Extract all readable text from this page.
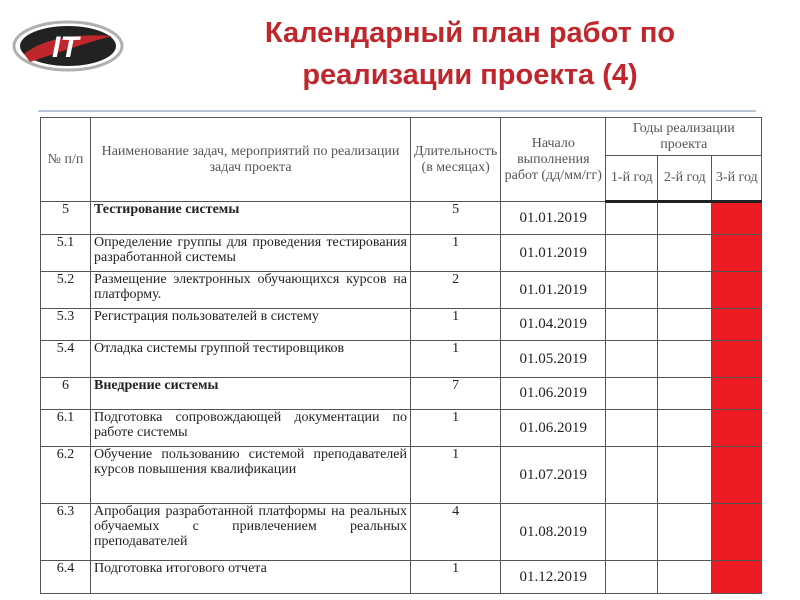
IT	Календарный план работ по
реализации проекта (4)
№ п/п	Наименование задач, мероприятий по реализации задач проекта	Длительность (в месяцах)	Начало выполнения работ (дд/мм/гг)	Годы реализации проекта		
				1-й год	2-й год	3-й год
5	Тестирование системы	5	01.01.2019			
5.1	Определение группы для проведения тестирования разработанной системы	1	01.01.2019			
5.2	Размещение электронных обучающихся курсов на платформу.	2	01.01.2019			
5.3	Регистрация пользователей в систему	1	01.04.2019			
5.4	Отладка системы группой тестировщиков	1	01.05.2019			
6	Внедрение системы	7	01.06.2019			
6.1	Подготовка сопровождающей документации по работе системы	1	01.06.2019			
6.2	Обучение пользованию системой преподавателей курсов повышения квалификации	1	01.07.2019			
6.3	Апробация разработанной платформы на реальных обучаемых с привлечением реальных преподавателей	4	01.08.2019			
6.4	Подготовка итогового отчета	1	01.12.2019			
